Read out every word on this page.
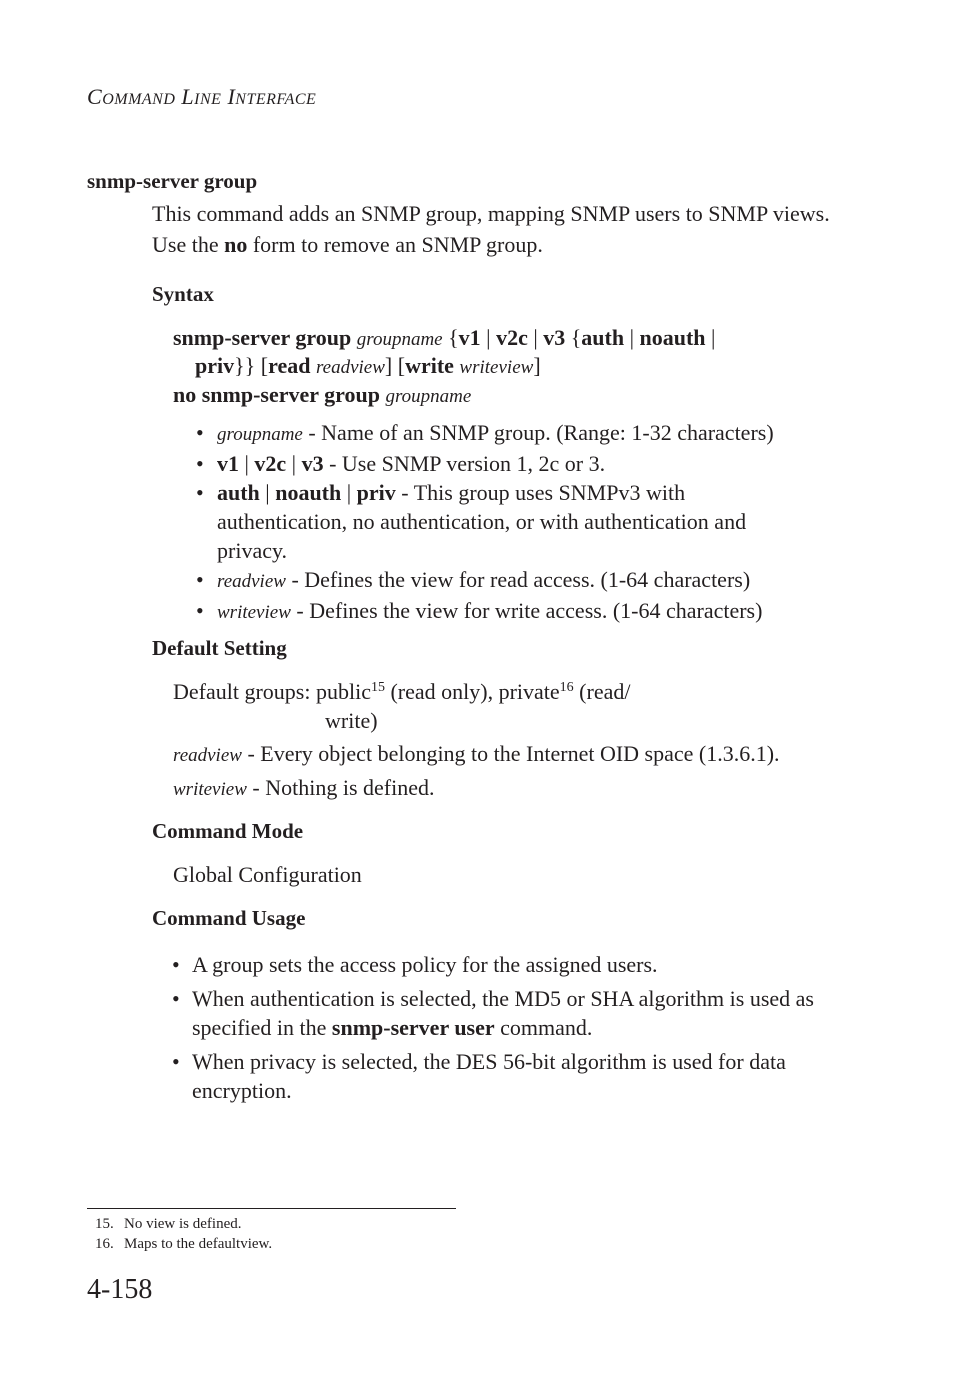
COMMAND LINE INTERFACE
snmp-server group
This command adds an SNMP group, mapping SNMP users to SNMP views. Use the no form to remove an SNMP group.
Syntax
snmp-server group groupname {v1 | v2c | v3 {auth | noauth |
priv}} [read readview] [write writeview]
no snmp-server group groupname
• groupname - Name of an SNMP group. (Range: 1-32 characters)
• v1 | v2c | v3 - Use SNMP version 1, 2c or 3.
• auth | noauth | priv - This group uses SNMPv3 with authentication, no authentication, or with authentication and privacy.
• readview - Defines the view for read access. (1-64 characters)
• writeview - Defines the view for write access. (1-64 characters)
Default Setting
Default groups: public$^{15}$ (read only), private$^{16}$ (read/
write)
readview - Every object belonging to the Internet OID space (1.3.6.1).
writeview - Nothing is defined.
Command Mode
Global Configuration
Command Usage
• A group sets the access policy for the assigned users.
• When authentication is selected, the MD5 or SHA algorithm is used as specified in the snmp-server user command.
• When privacy is selected, the DES 56-bit algorithm is used for data encryption.
15. No view is defined.
16. Maps to the defaultview.
4-158
